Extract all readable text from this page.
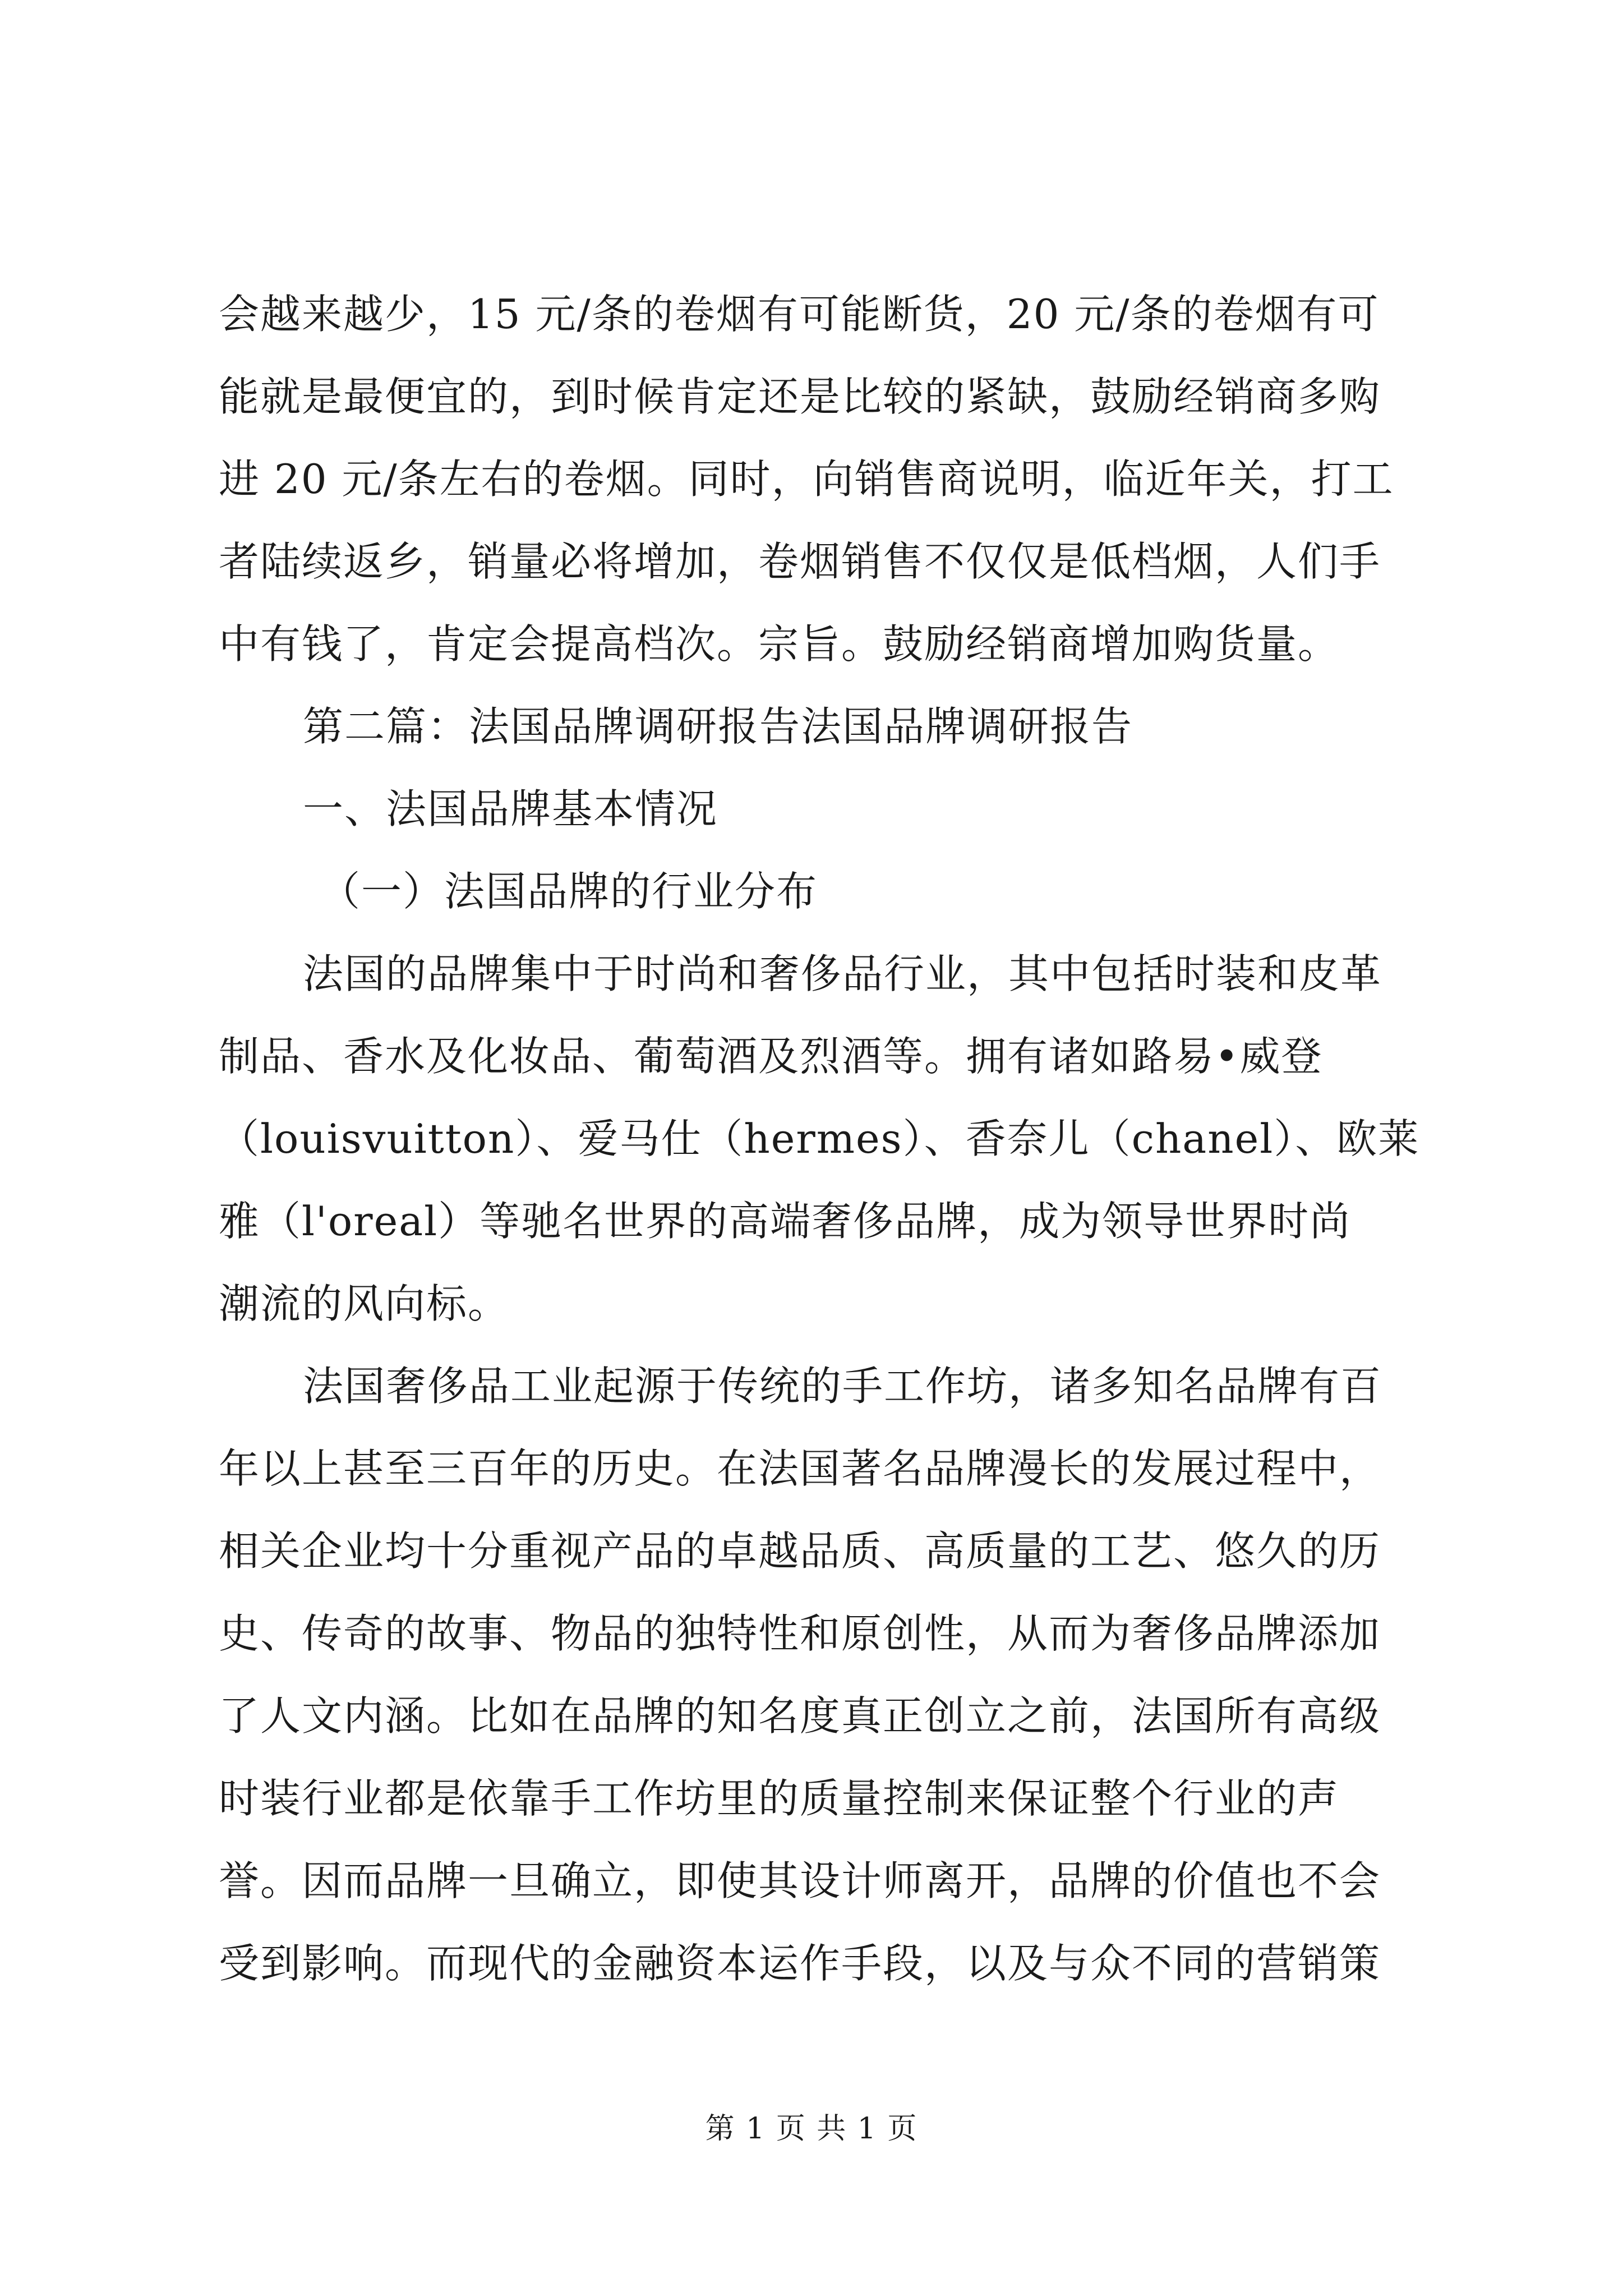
会越来越少，15 元/条的卷烟有可能断货，20 元/条的卷烟有可
能就是最便宜的，到时候肯定还是比较的紧缺，鼓励经销商多购
进 20 元/条左右的卷烟。同时，向销售商说明，临近年关，打工
者陆续返乡，销量必将增加，卷烟销售不仅仅是低档烟，人们手
中有钱了，肯定会提高档次。宗旨。鼓励经销商增加购货量。
第二篇：法国品牌调研报告法国品牌调研报告
一、法国品牌基本情况
（一）法国品牌的行业分布
法国的品牌集中于时尚和奢侈品行业，其中包括时装和皮革
制品、香水及化妆品、葡萄酒及烈酒等。拥有诸如路易•威登
（louisvuitton）、爱马仕（hermes）、香奈儿（chanel）、欧莱
雅（l'oreal）等驰名世界的高端奢侈品牌，成为领导世界时尚
潮流的风向标。
法国奢侈品工业起源于传统的手工作坊，诸多知名品牌有百
年以上甚至三百年的历史。在法国著名品牌漫长的发展过程中，
相关企业均十分重视产品的卓越品质、高质量的工艺、悠久的历
史、传奇的故事、物品的独特性和原创性，从而为奢侈品牌添加
了人文内涵。比如在品牌的知名度真正创立之前，法国所有高级
时装行业都是依靠手工作坊里的质量控制来保证整个行业的声
誉。因而品牌一旦确立，即使其设计师离开，品牌的价值也不会
受到影响。而现代的金融资本运作手段，以及与众不同的营销策
第 1 页 共 1 页
